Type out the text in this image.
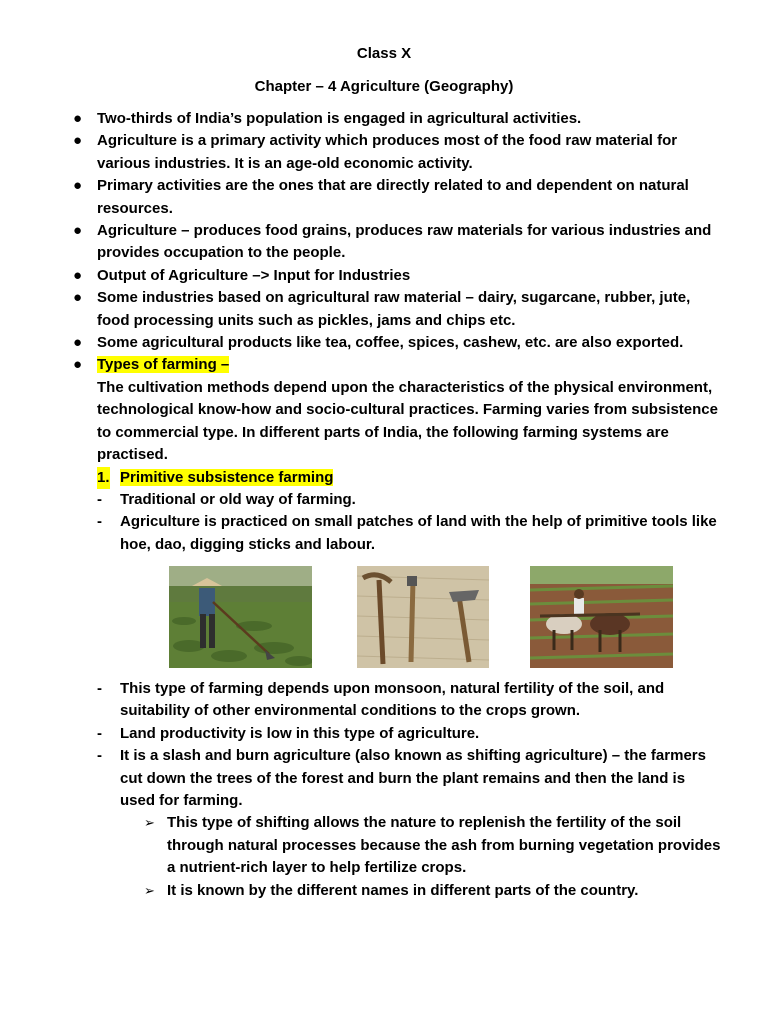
Class X
Chapter – 4 Agriculture (Geography)
● Two-thirds of India’s population is engaged in agricultural activities.
● Agriculture is a primary activity which produces most of the food raw material for various industries. It is an age-old economic activity.
● Primary activities are the ones that are directly related to and dependent on natural resources.
● Agriculture – produces food grains, produces raw materials for various industries and provides occupation to the people.
● Output of Agriculture –> Input for Industries
● Some industries based on agricultural raw material – dairy, sugarcane, rubber, jute, food processing units such as pickles, jams and chips etc.
● Some agricultural products like tea, coffee, spices, cashew, etc. are also exported.
● Types of farming –
The cultivation methods depend upon the characteristics of the physical environment, technological know-how and socio-cultural practices. Farming varies from subsistence to commercial type. In different parts of India, the following farming systems are practised.
1. Primitive subsistence farming
- Traditional or old way of farming.
- Agriculture is practiced on small patches of land with the help of primitive tools like hoe, dao, digging sticks and labour.
- This type of farming depends upon monsoon, natural fertility of the soil, and suitability of other environmental conditions to the crops grown.
- Land productivity is low in this type of agriculture.
- It is a slash and burn agriculture (also known as shifting agriculture) – the farmers cut down the trees of the forest and burn the plant remains and then the land is used for farming.
➢ This type of shifting allows the nature to replenish the fertility of the soil through natural processes because the ash from burning vegetation provides a nutrient-rich layer to help fertilize crops.
➢ It is known by the different names in different parts of the country.
